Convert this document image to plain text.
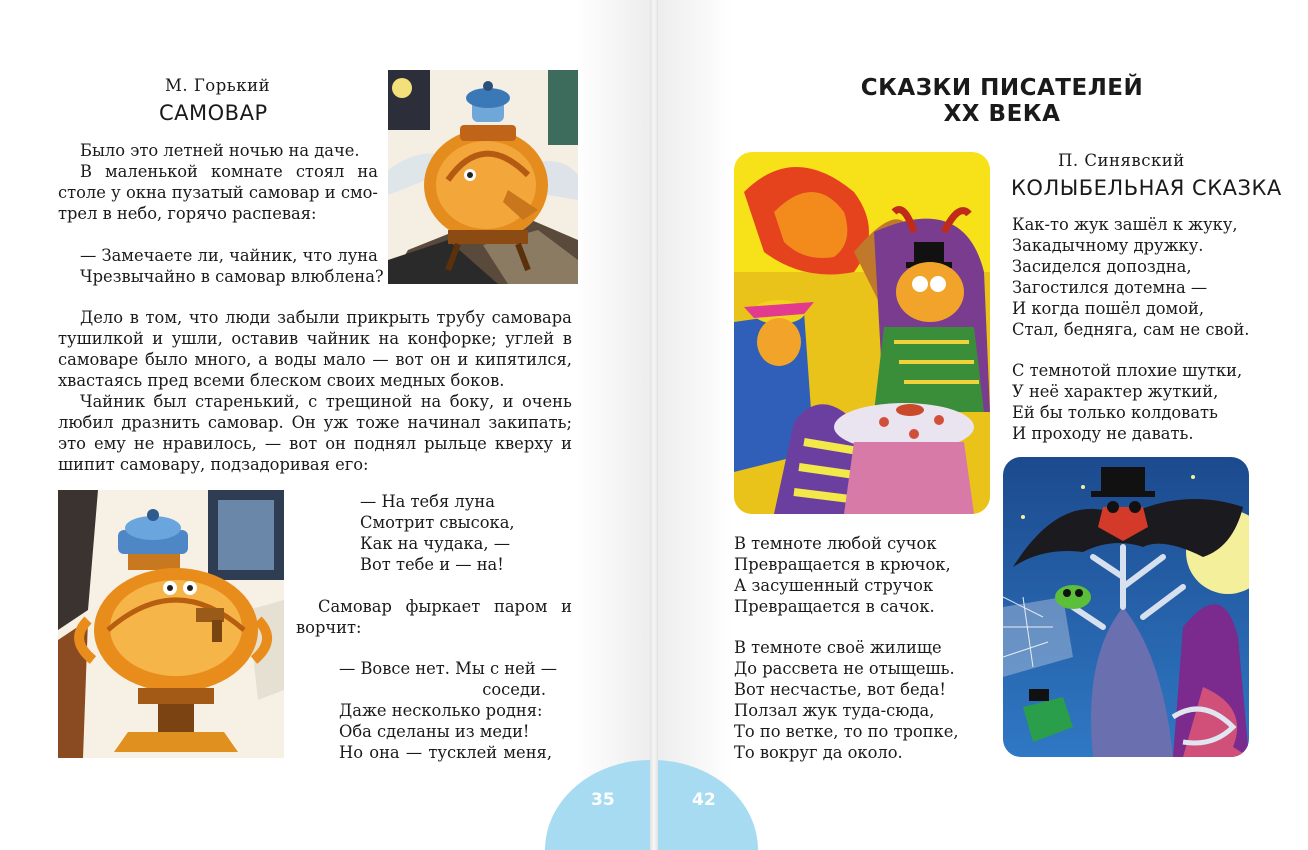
М. Горький
САМОВАР
Было это летней ночью на даче.
В маленькой комнате стоял на
столе у окна пузатый самовар и смо-
трел в небо, горячо распевая:
— Замечаете ли, чайник, что луна
Чрезвычайно в самовар влюблена?
Дело в том, что люди забыли прикрыть трубу самовара
тушилкой и ушли, оставив чайник на конфорке; углей в
самоваре было много, а воды мало — вот он и кипятился,
хвастаясь пред всеми блеском своих медных боков.
Чайник был старенький, с трещиной на боку, и очень
любил дразнить самовар. Он уж тоже начинал закипать;
это ему не нравилось, — вот он поднял рыльце кверху и
шипит самовару, подзадоривая его:
— На тебя луна
Смотрит свысока,
Как на чудака, —
Вот тебе и — на!
Самовар фыркает паром и
ворчит:
— Вовсе нет. Мы с ней —
соседи.
Даже несколько родня:
Оба сделаны из меди!
Но она — тусклей меня,
35
СКАЗКИ ПИСАТЕЛЕЙ
XX ВЕКА
П. Синявский
КОЛЫБЕЛЬНАЯ СКАЗКА
Как-то жук зашёл к жуку,
Закадычному дружку.
Засиделся допоздна,
Загостился дотемна —
И когда пошёл домой,
Стал, бедняга, сам не свой.
С темнотой плохие шутки,
У неё характер жуткий,
Ей бы только колдовать
И проходу не давать.
В темноте любой сучок
Превращается в крючок,
А засушенный стручок
Превращается в сачок.
В темноте своё жилище
До рассвета не отыщешь.
Вот несчастье, вот беда!
Ползал жук туда-сюда,
То по ветке, то по тропке,
То вокруг да около.
42
